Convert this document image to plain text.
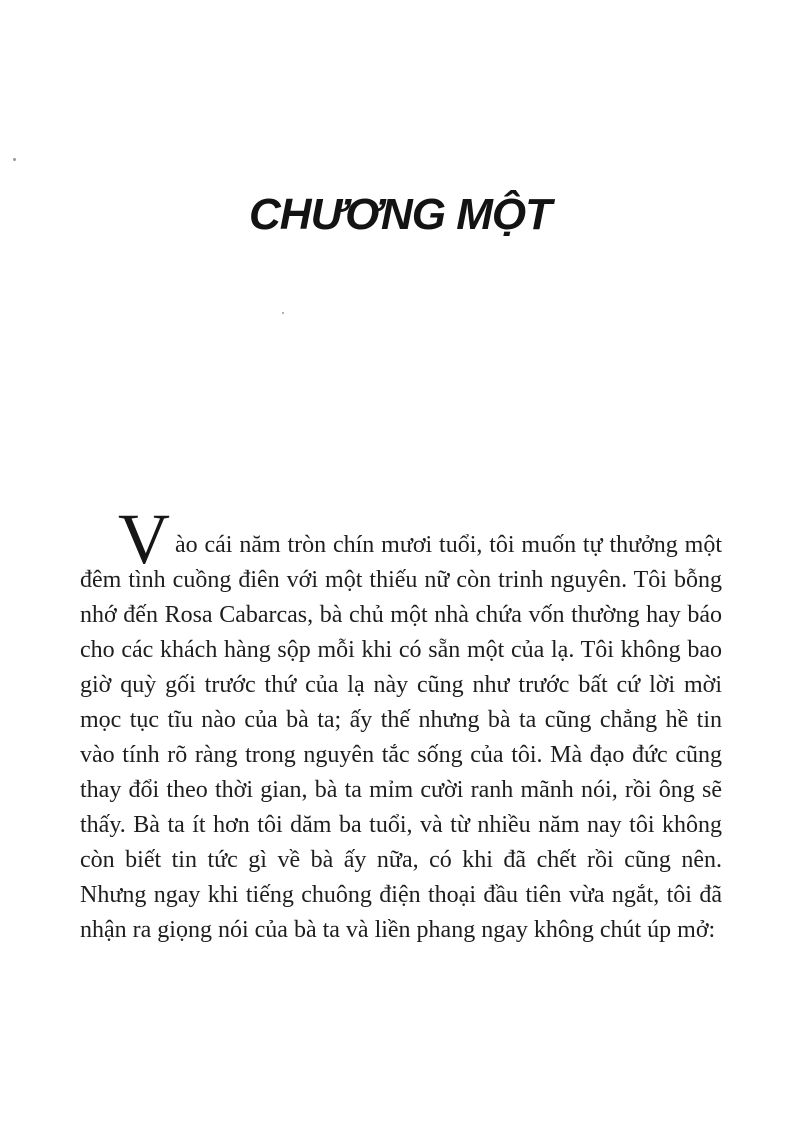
CHƯƠNG MỘT

Vào cái năm tròn chín mươi tuổi, tôi muốn tự thưởng một đêm tình cuồng điên với một thiếu nữ còn trinh nguyên. Tôi bỗng nhớ đến Rosa Cabarcas, bà chủ một nhà chứa vốn thường hay báo cho các khách hàng sộp mỗi khi có sẵn một của lạ. Tôi không bao giờ quỳ gối trước thứ của lạ này cũng như trước bất cứ lời mời mọc tục tĩu nào của bà ta; ấy thế nhưng bà ta cũng chẳng hề tin vào tính rõ ràng trong nguyên tắc sống của tôi. Mà đạo đức cũng thay đổi theo thời gian, bà ta mỉm cười ranh mãnh nói, rồi ông sẽ thấy. Bà ta ít hơn tôi dăm ba tuổi, và từ nhiều năm nay tôi không còn biết tin tức gì về bà ấy nữa, có khi đã chết rồi cũng nên. Nhưng ngay khi tiếng chuông điện thoại đầu tiên vừa ngắt, tôi đã nhận ra giọng nói của bà ta và liền phang ngay không chút úp mở:
